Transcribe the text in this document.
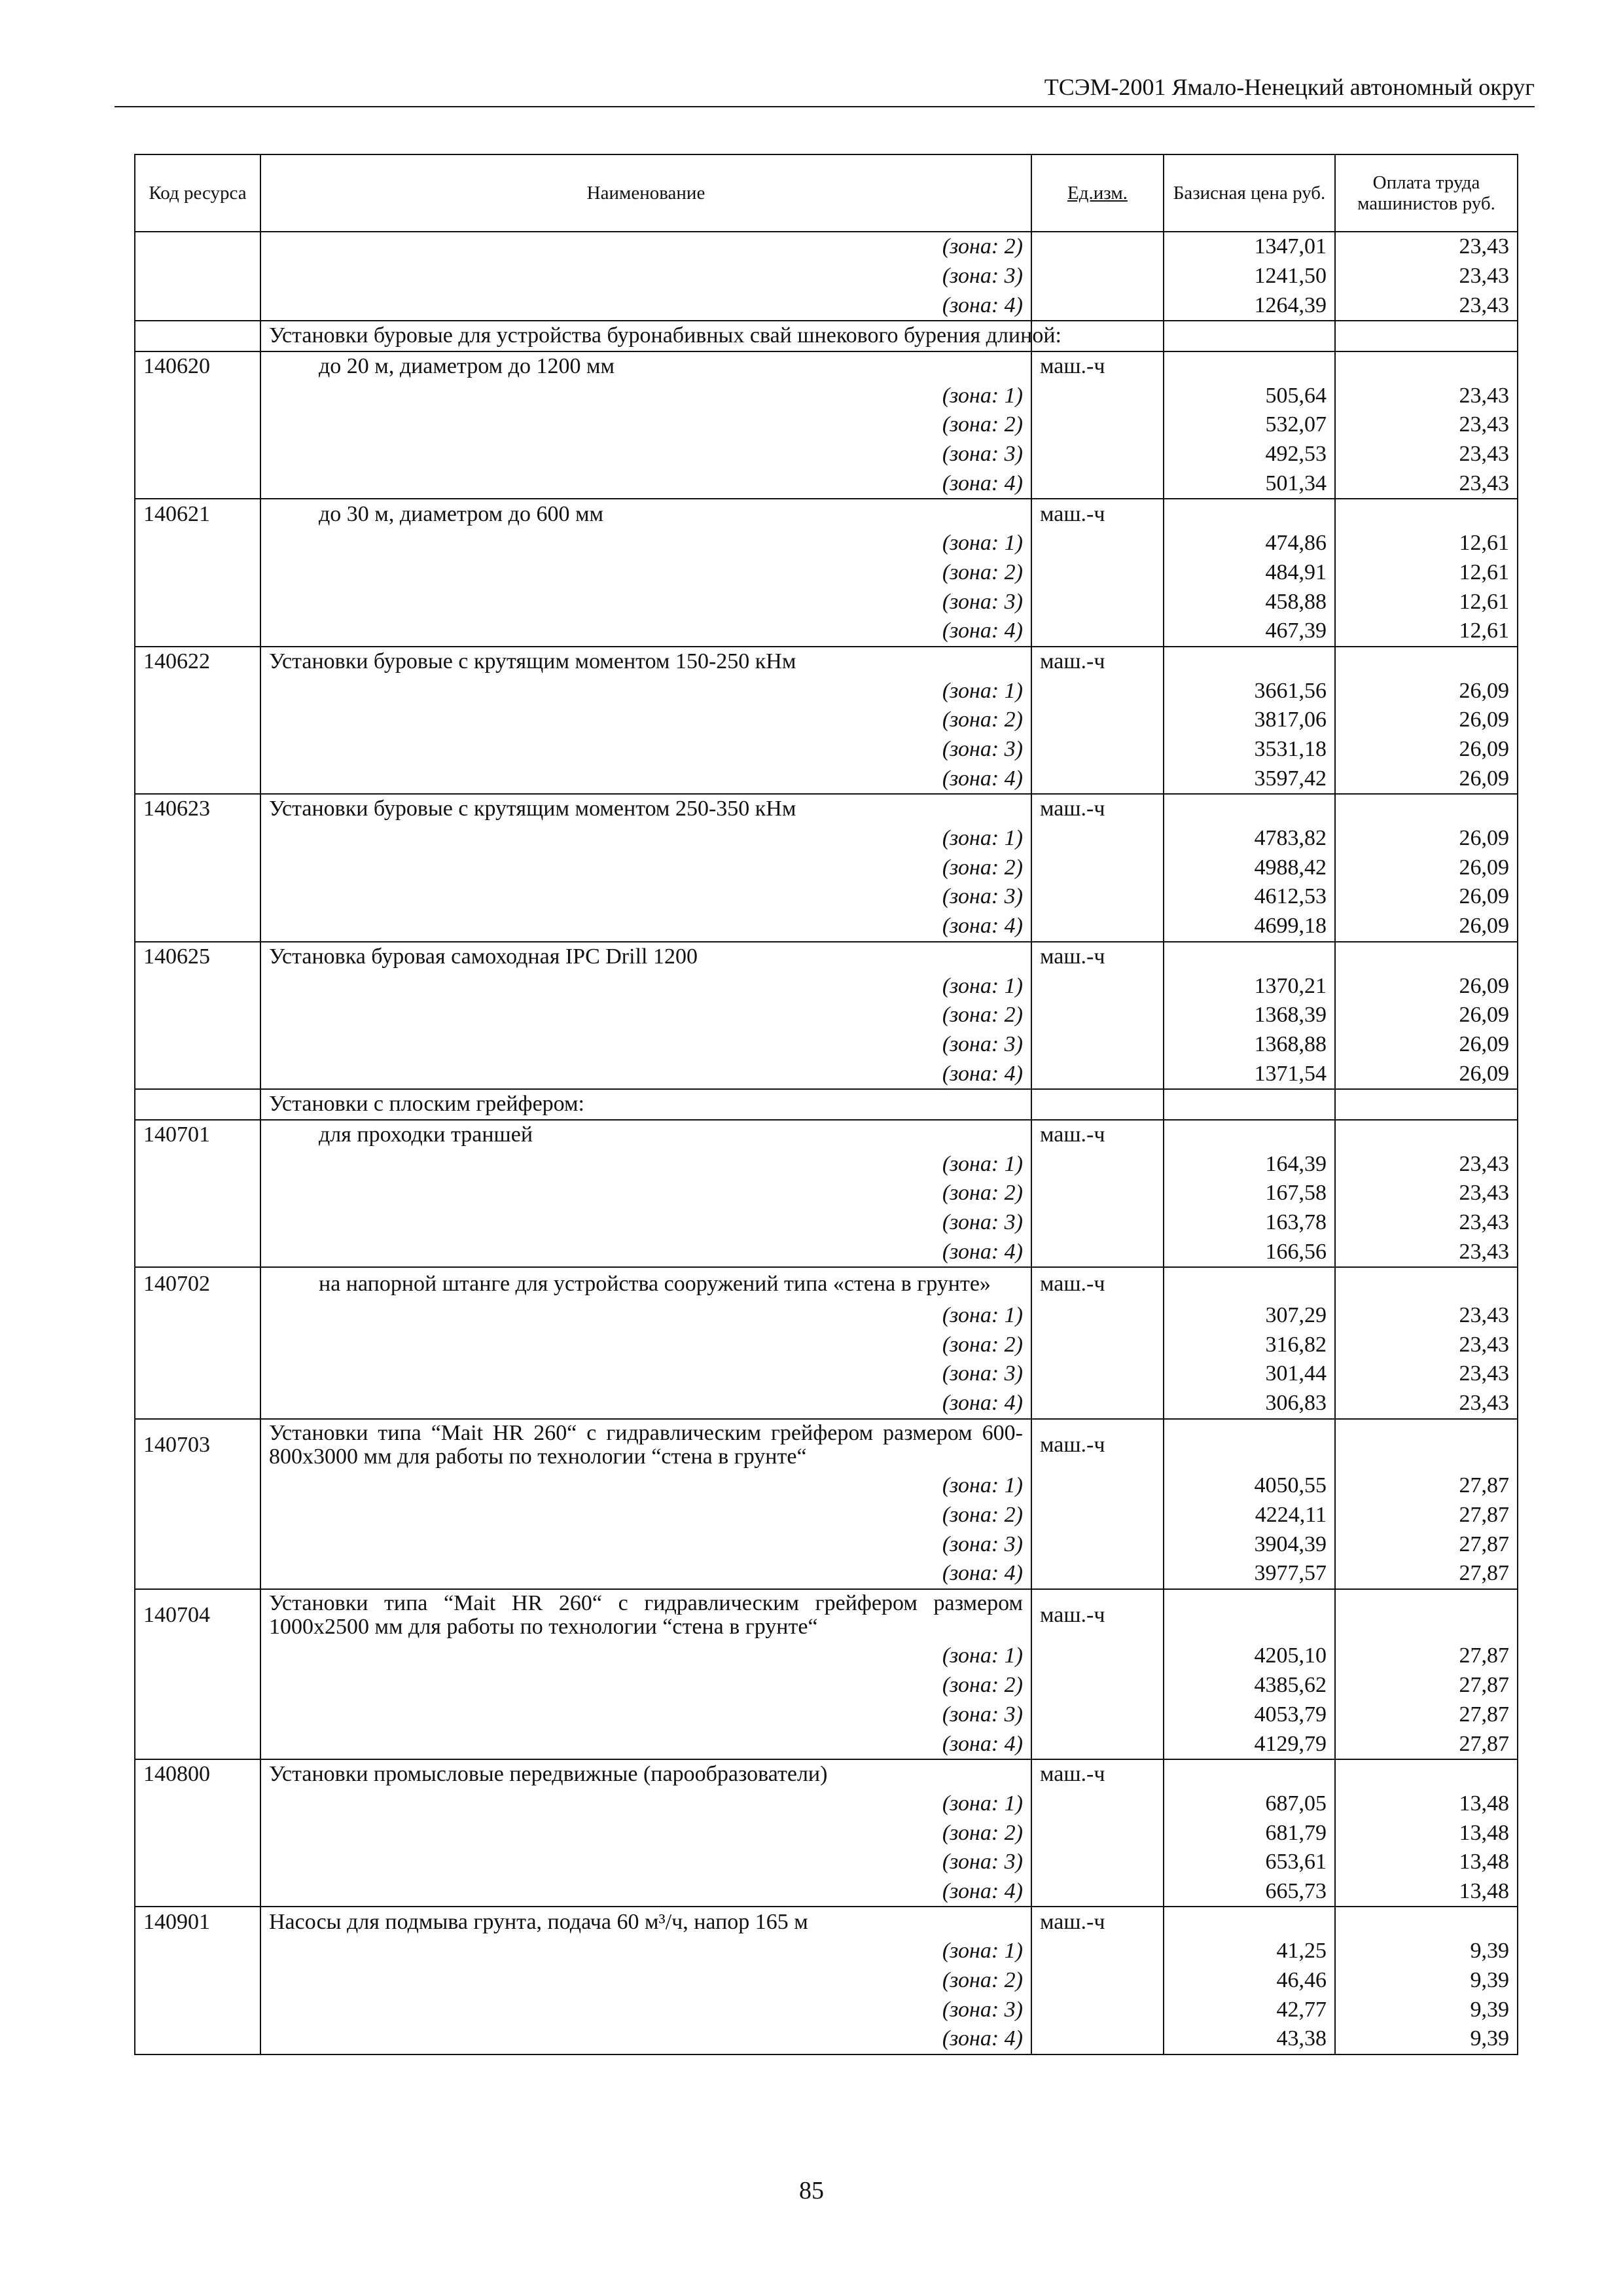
ТСЭМ-2001 Ямало-Ненецкий автономный округ
Код ресурса	Наименование	Ед.изм.	Базисная цена руб.	Оплата труда машинистов руб.
	(зона: 2)		1347,01	23,43
	(зона: 3)		1241,50	23,43
	(зона: 4)		1264,39	23,43
	Установки буровые для устройства буронабивных свай шнекового бурения длиной:			
140620	до 20 м, диаметром до 1200 мм	маш.-ч		
	(зона: 1)		505,64	23,43
	(зона: 2)		532,07	23,43
	(зона: 3)		492,53	23,43
	(зона: 4)		501,34	23,43
140621	до 30 м, диаметром до 600 мм	маш.-ч		
	(зона: 1)		474,86	12,61
	(зона: 2)		484,91	12,61
	(зона: 3)		458,88	12,61
	(зона: 4)		467,39	12,61
140622	Установки буровые с крутящим моментом 150-250 кНм	маш.-ч		
	(зона: 1)		3661,56	26,09
	(зона: 2)		3817,06	26,09
	(зона: 3)		3531,18	26,09
	(зона: 4)		3597,42	26,09
140623	Установки буровые с крутящим моментом 250-350 кНм	маш.-ч		
	(зона: 1)		4783,82	26,09
	(зона: 2)		4988,42	26,09
	(зона: 3)		4612,53	26,09
	(зона: 4)		4699,18	26,09
140625	Установка буровая самоходная IPC Drill 1200	маш.-ч		
	(зона: 1)		1370,21	26,09
	(зона: 2)		1368,39	26,09
	(зона: 3)		1368,88	26,09
	(зона: 4)		1371,54	26,09
	Установки с плоским грейфером:			
140701	для проходки траншей	маш.-ч		
	(зона: 1)		164,39	23,43
	(зона: 2)		167,58	23,43
	(зона: 3)		163,78	23,43
	(зона: 4)		166,56	23,43
140702	на напорной штанге для устройства сооружений типа «стена в грунте»	маш.-ч		
	(зона: 1)		307,29	23,43
	(зона: 2)		316,82	23,43
	(зона: 3)		301,44	23,43
	(зона: 4)		306,83	23,43
140703	Установки типа “Mait HR 260“ с гидравлическим грейфером размером 600-800х3000 мм для работы по технологии “стена в грунте“	маш.-ч		
	(зона: 1)		4050,55	27,87
	(зона: 2)		4224,11	27,87
	(зона: 3)		3904,39	27,87
	(зона: 4)		3977,57	27,87
140704	Установки типа “Mait HR 260“ с гидравлическим грейфером размером 1000х2500 мм для работы по технологии “стена в грунте“	маш.-ч		
	(зона: 1)		4205,10	27,87
	(зона: 2)		4385,62	27,87
	(зона: 3)		4053,79	27,87
	(зона: 4)		4129,79	27,87
140800	Установки промысловые передвижные (парообразователи)	маш.-ч		
	(зона: 1)		687,05	13,48
	(зона: 2)		681,79	13,48
	(зона: 3)		653,61	13,48
	(зона: 4)		665,73	13,48
140901	Насосы для подмыва грунта, подача 60 м³/ч, напор 165 м	маш.-ч		
	(зона: 1)		41,25	9,39
	(зона: 2)		46,46	9,39
	(зона: 3)		42,77	9,39
	(зона: 4)		43,38	9,39
85
